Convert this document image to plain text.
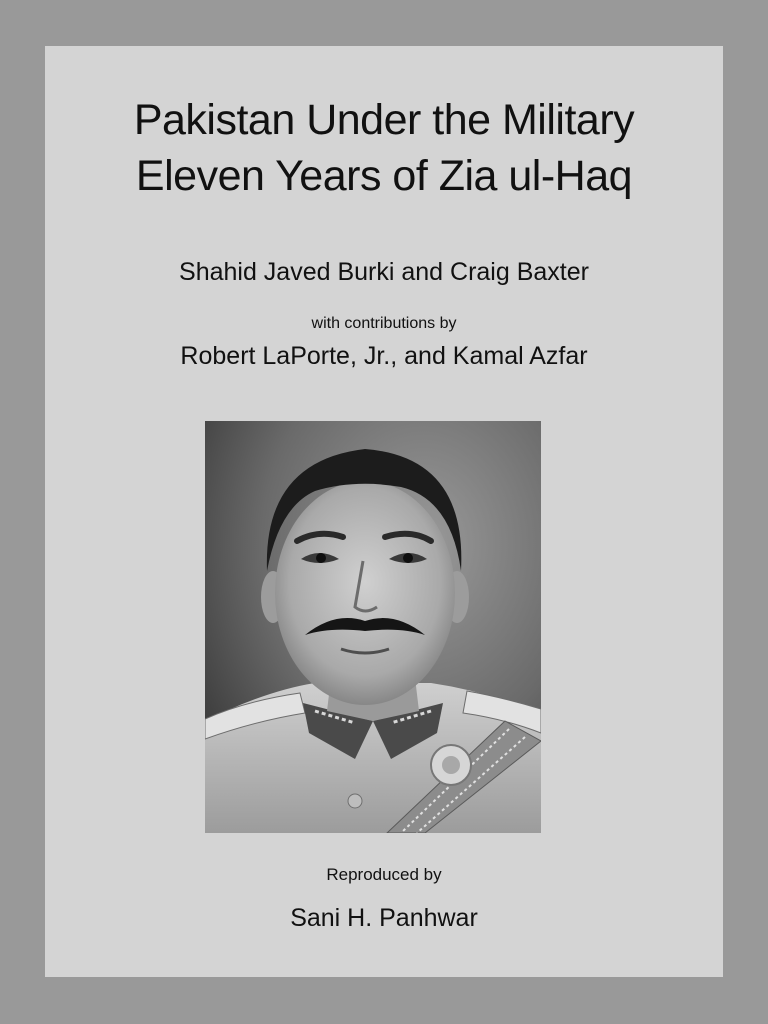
Pakistan Under the Military
Eleven Years of Zia ul-Haq
Shahid Javed Burki and Craig Baxter
with contributions by
Robert LaPorte, Jr., and Kamal Azfar
Reproduced by
Sani H. Panhwar
